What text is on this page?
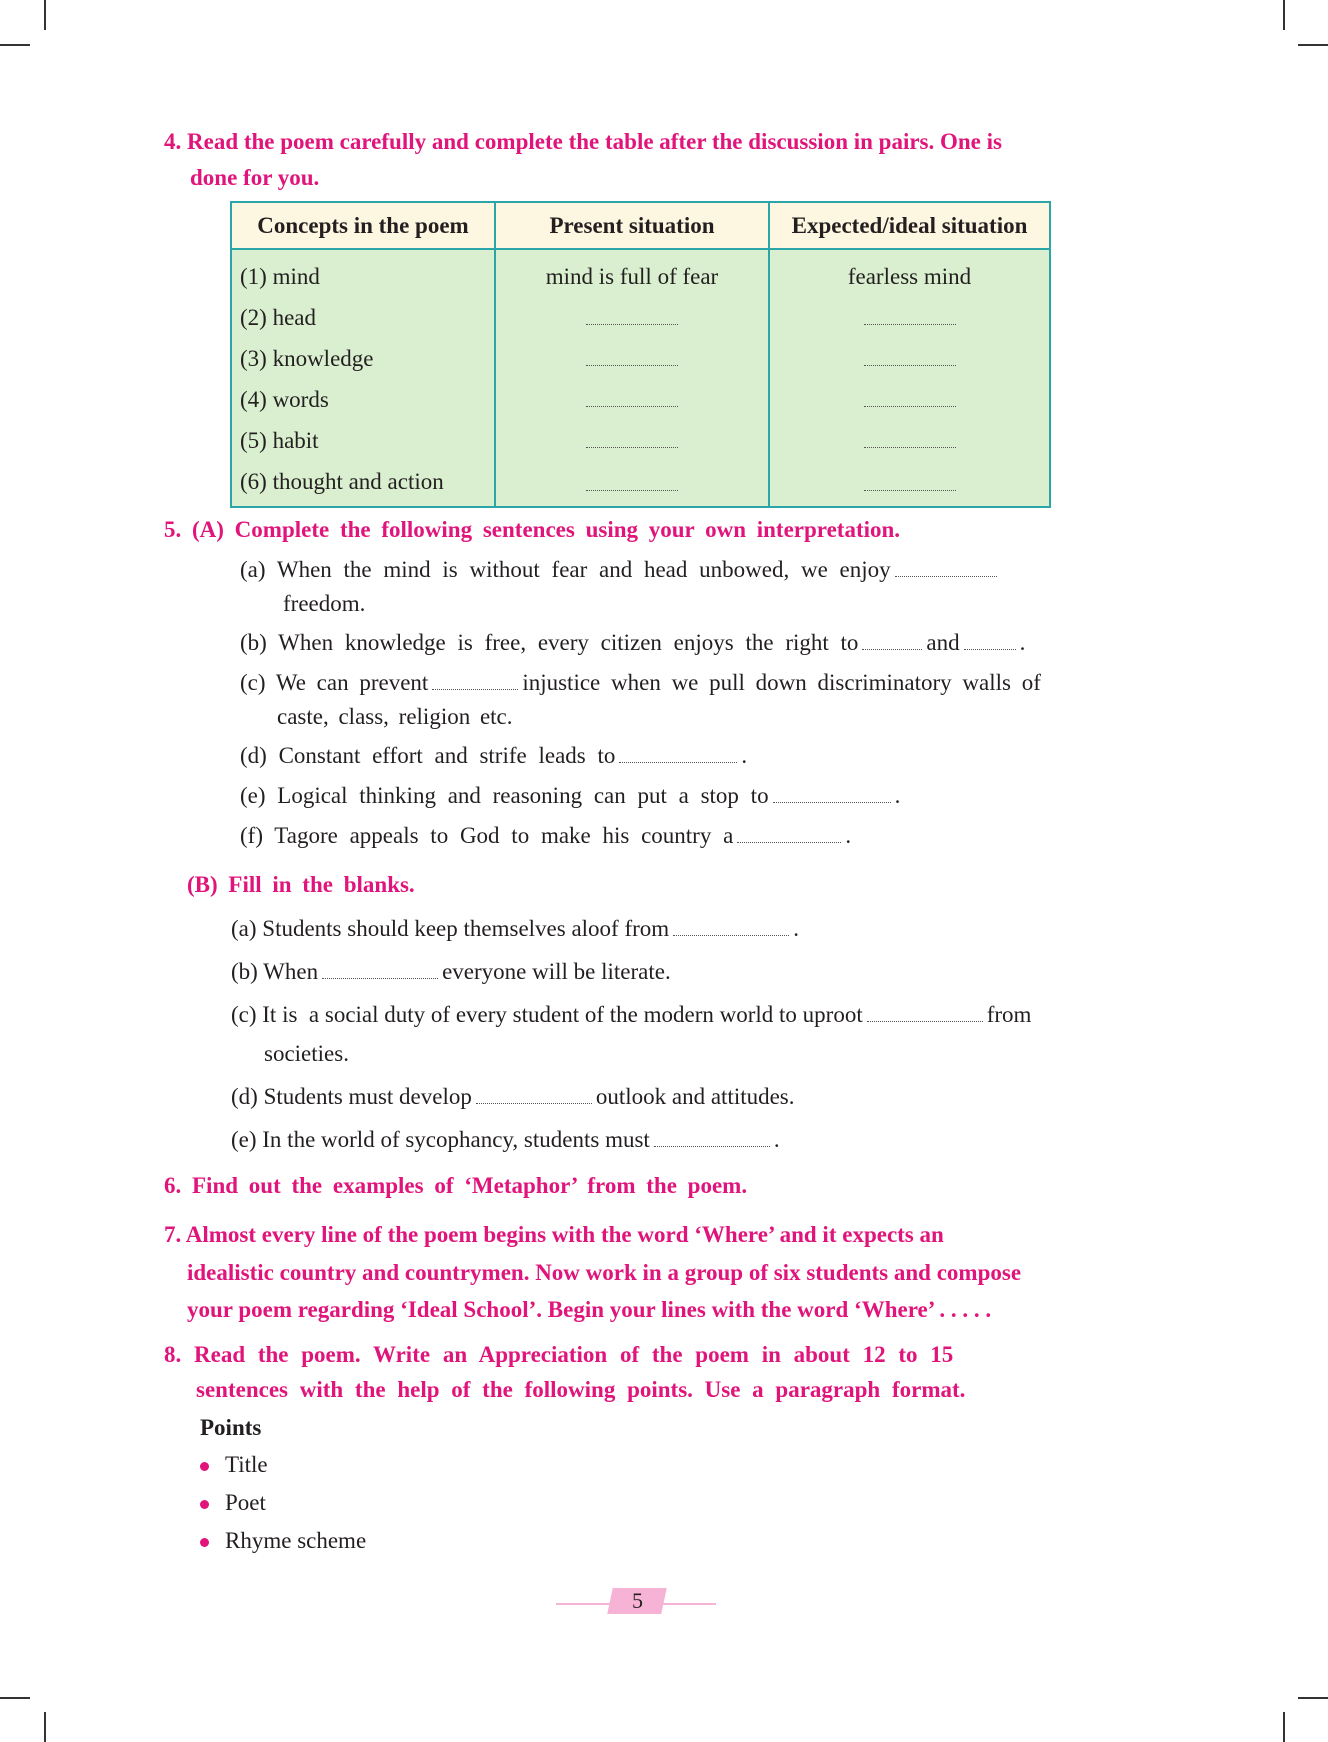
4. Read the poem carefully and complete the table after the discussion in pairs. One is
done for you.
Concepts in the poem	Present situation	Expected/ideal situation
(1) mind	mind is full of fear	fearless mind
(2) head		
(3) knowledge		
(4) words		
(5) habit		
(6) thought and action		
5. (A) Complete the following sentences using your own interpretation.
(a) When the mind is without fear and head unbowed, we enjoy
freedom.
(b) When knowledge is free, every citizen enjoys the right to	and	.
(c) We can prevent	injustice when we pull down discriminatory walls of
caste, class, religion etc.
(d) Constant effort and strife leads to	.
(e) Logical thinking and reasoning can put a stop to	.
(f) Tagore appeals to God to make his country a	.
(B) Fill in the blanks.
(a) Students should keep themselves aloof from	.
(b) When	everyone will be literate.
(c) It is  a social duty of every student of the modern world to uproot	from
societies.
(d) Students must develop	outlook and attitudes.
(e) In the world of sycophancy, students must	.
6. Find out the examples of ‘Metaphor’ from the poem.
7. Almost every line of the poem begins with the word ‘Where’ and it expects an
idealistic country and countrymen. Now work in a group of six students and compose
your poem regarding ‘Ideal School’. Begin your lines with the word ‘Where’ . . . . .
8. Read the poem. Write an Appreciation of the poem in about 12 to 15
sentences with the help of the following points. Use a paragraph format.
Points
Title
Poet
Rhyme scheme
5
